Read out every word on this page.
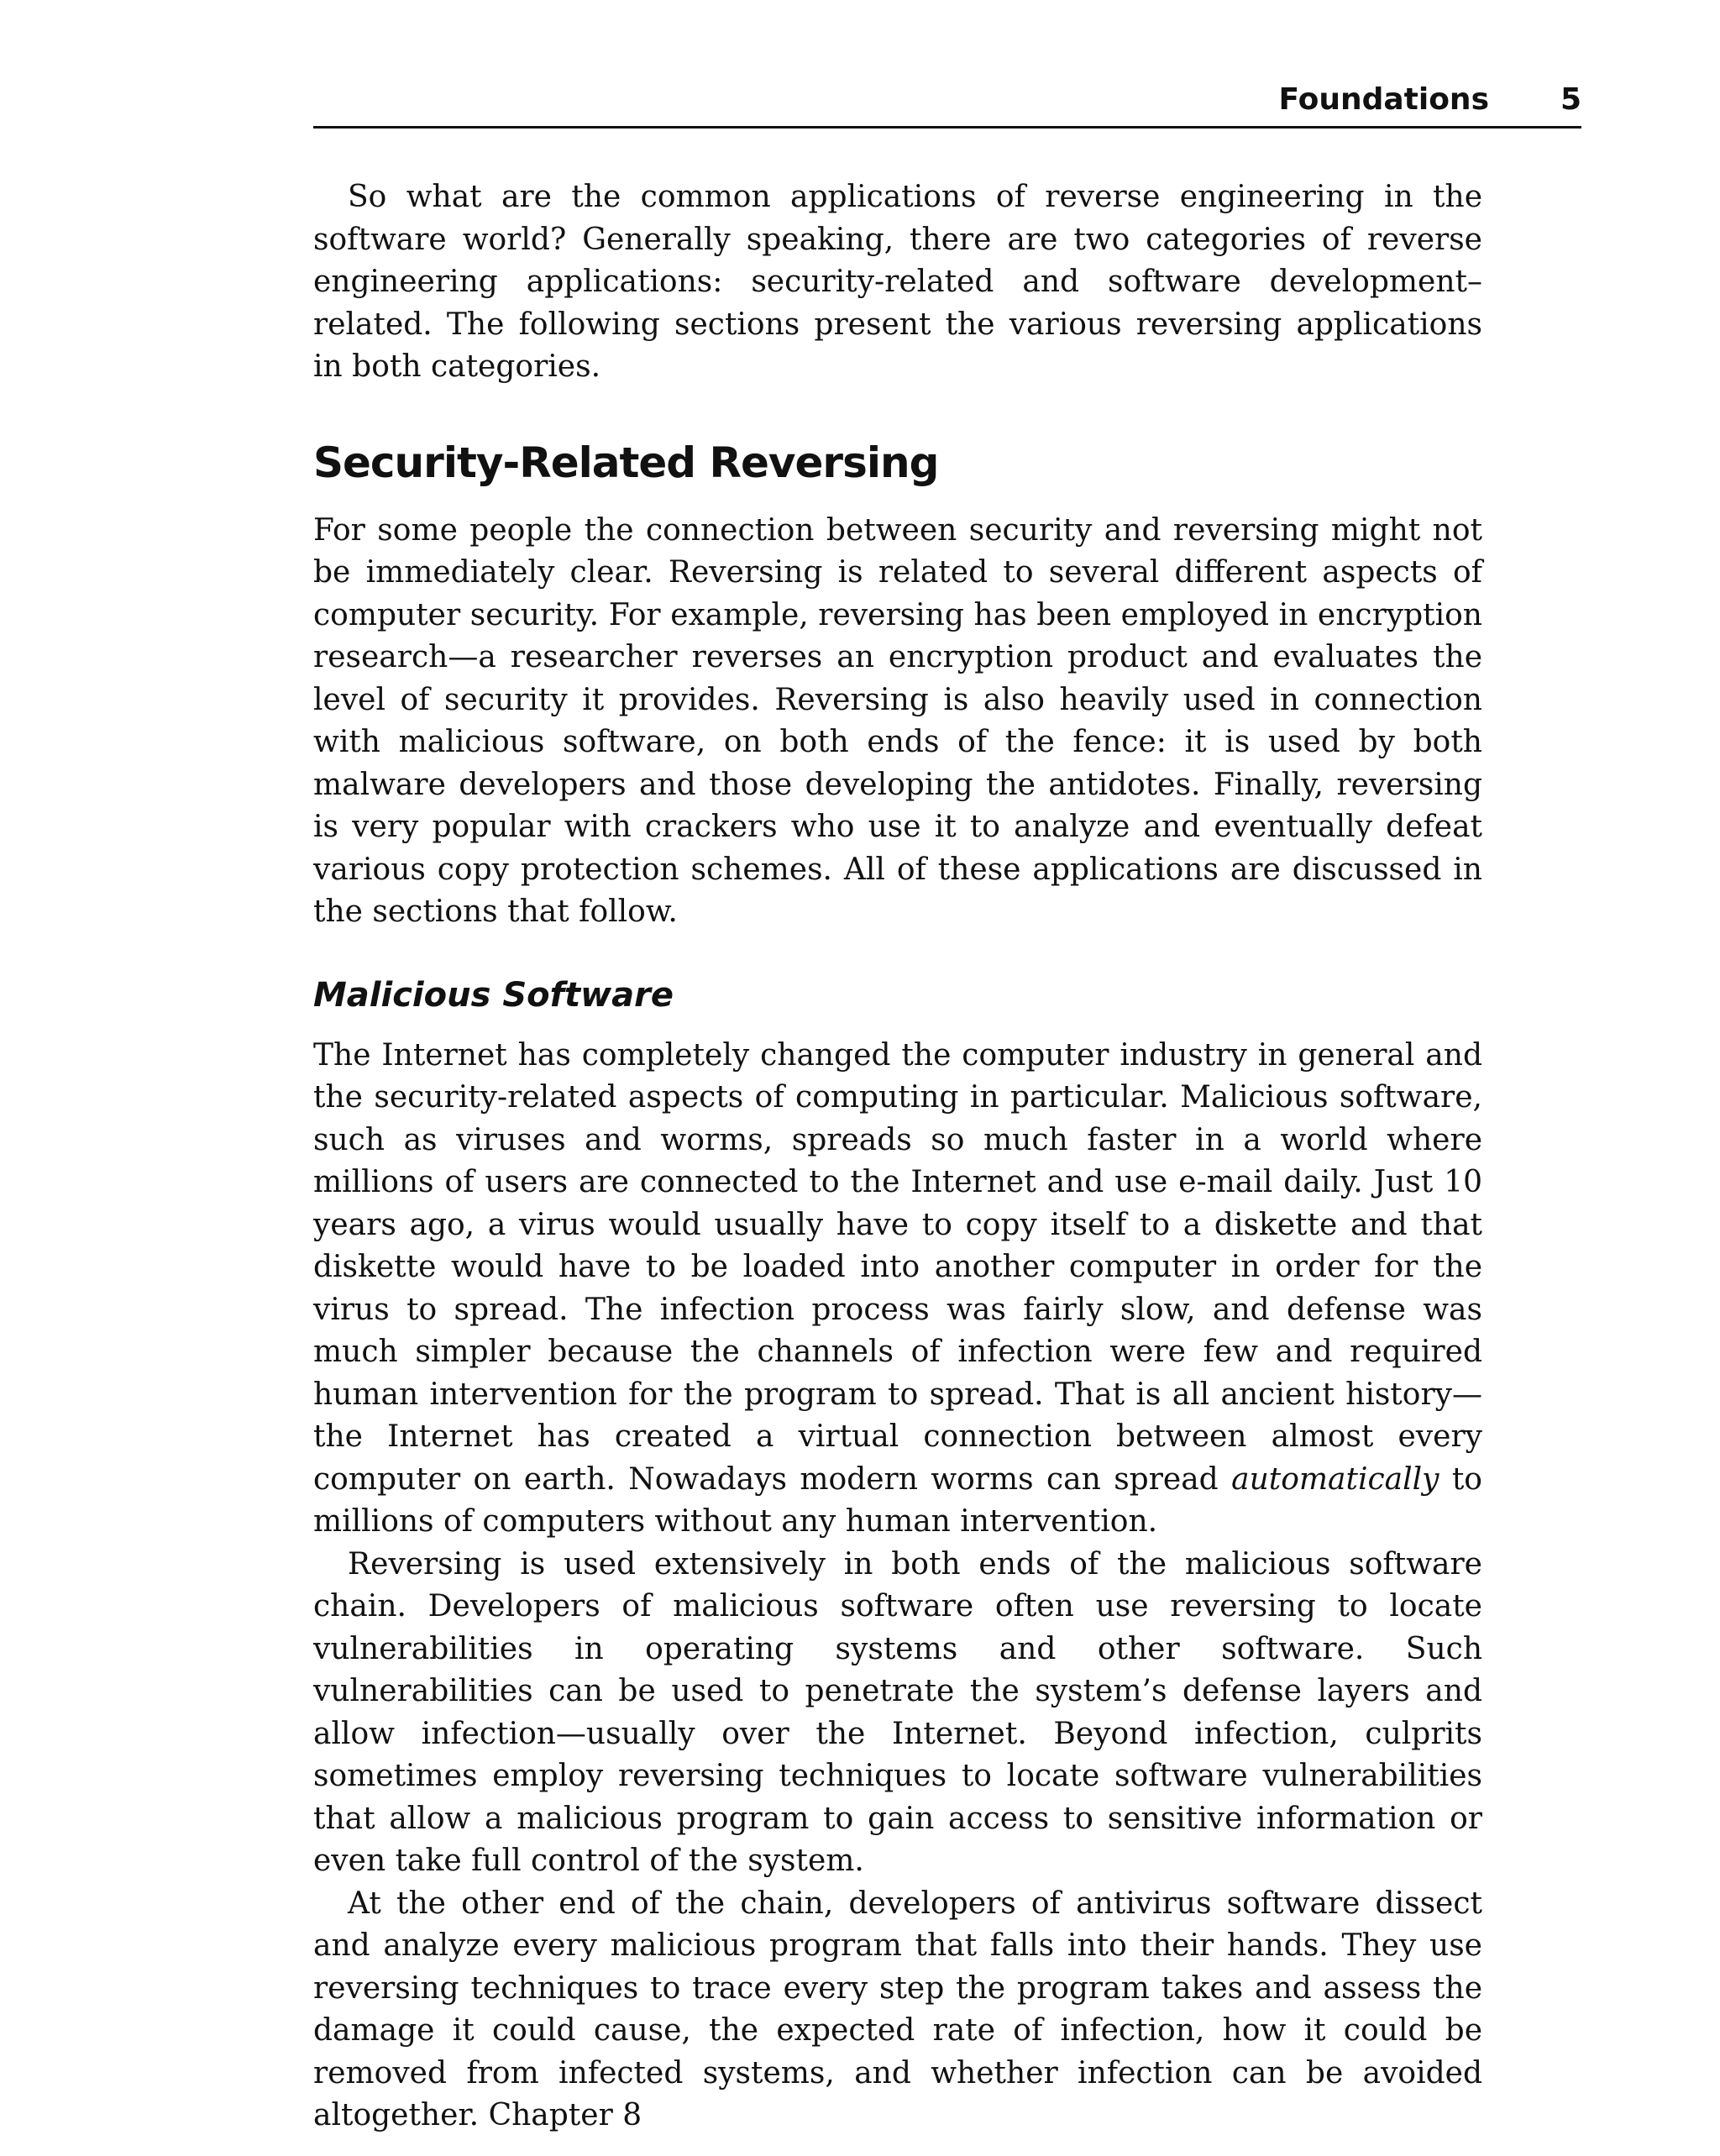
Foundations 5

So what are the common applications of reverse engineering in the software world? Generally speaking, there are two categories of reverse engineering applications: security-related and software development–related. The following sections present the various reversing applications in both categories.

Security-Related Reversing

For some people the connection between security and reversing might not be immediately clear. Reversing is related to several different aspects of computer security. For example, reversing has been employed in encryption research—a researcher reverses an encryption product and evaluates the level of security it provides. Reversing is also heavily used in connection with malicious software, on both ends of the fence: it is used by both malware developers and those developing the antidotes. Finally, reversing is very popular with crackers who use it to analyze and eventually defeat various copy protection schemes. All of these applications are discussed in the sections that follow.

Malicious Software

The Internet has completely changed the computer industry in general and the security-related aspects of computing in particular. Malicious software, such as viruses and worms, spreads so much faster in a world where millions of users are connected to the Internet and use e-mail daily. Just 10 years ago, a virus would usually have to copy itself to a diskette and that diskette would have to be loaded into another computer in order for the virus to spread. The infection process was fairly slow, and defense was much simpler because the channels of infection were few and required human intervention for the program to spread. That is all ancient history—the Internet has created a virtual connection between almost every computer on earth. Nowadays modern worms can spread automatically to millions of computers without any human intervention.

Reversing is used extensively in both ends of the malicious software chain. Developers of malicious software often use reversing to locate vulnerabilities in operating systems and other software. Such vulnerabilities can be used to penetrate the system’s defense layers and allow infection—usually over the Internet. Beyond infection, culprits sometimes employ reversing techniques to locate software vulnerabilities that allow a malicious program to gain access to sensitive information or even take full control of the system.

At the other end of the chain, developers of antivirus software dissect and analyze every malicious program that falls into their hands. They use reversing techniques to trace every step the program takes and assess the damage it could cause, the expected rate of infection, how it could be removed from infected systems, and whether infection can be avoided altogether. Chapter 8
